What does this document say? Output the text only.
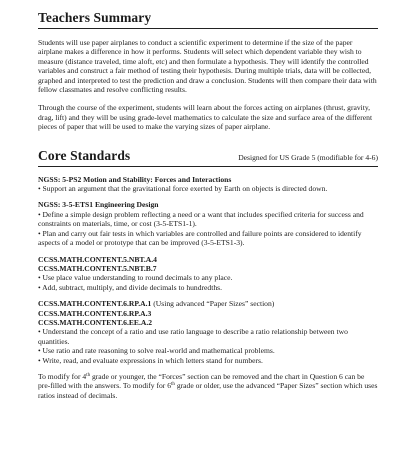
Teachers Summary

Students will use paper airplanes to conduct a scientific experiment to determine if the size of the paper airplane makes a difference in how it performs. Students will select which dependent variable they wish to measure (distance traveled, time aloft, etc) and then formulate a hypothesis. They will identify the controlled variables and construct a fair method of testing their hypothesis. During multiple trials, data will be collected, graphed and interpreted to test the prediction and draw a conclusion. Students will then compare their data with fellow classmates and resolve conflicting results.

Through the course of the experiment, students will learn about the forces acting on airplanes (thrust, gravity, drag, lift) and they will be using grade-level mathematics to calculate the size and surface area of the different pieces of paper that will be used to make the varying sizes of paper airplane.

Core Standards	Designed for US Grade 5 (modifiable for 4-6)
NGSS: 5-PS2 Motion and Stability: Forces and Interactions
• Support an argument that the gravitational force exerted by Earth on objects is directed down.
NGSS: 3-5-ETS1 Engineering Design
• Define a simple design problem reflecting a need or a want that includes specified criteria for success and constraints on materials, time, or cost (3-5-ETS1-1).
• Plan and carry out fair tests in which variables are controlled and failure points are considered to identify aspects of a model or prototype that can be improved (3-5-ETS1-3).
CCSS.MATH.CONTENT.5.NBT.A.4
CCSS.MATH.CONTENT.5.NBT.B.7
• Use place value understanding to round decimals to any place.
• Add, subtract, multiply, and divide decimals to hundredths.
CCSS.MATH.CONTENT.6.RP.A.1 (Using advanced “Paper Sizes” section)
CCSS.MATH.CONTENT.6.RP.A.3
CCSS.MATH.CONTENT.6.EE.A.2
• Understand the concept of a ratio and use ratio language to describe a ratio relationship between two quantities.
• Use ratio and rate reasoning to solve real-world and mathematical problems.
• Write, read, and evaluate expressions in which letters stand for numbers.

To modify for 4th grade or younger, the “Forces” section can be removed and the chart in Question 6 can be pre-filled with the answers. To modify for 6th grade or older, use the advanced “Paper Sizes” section which uses ratios instead of decimals.
